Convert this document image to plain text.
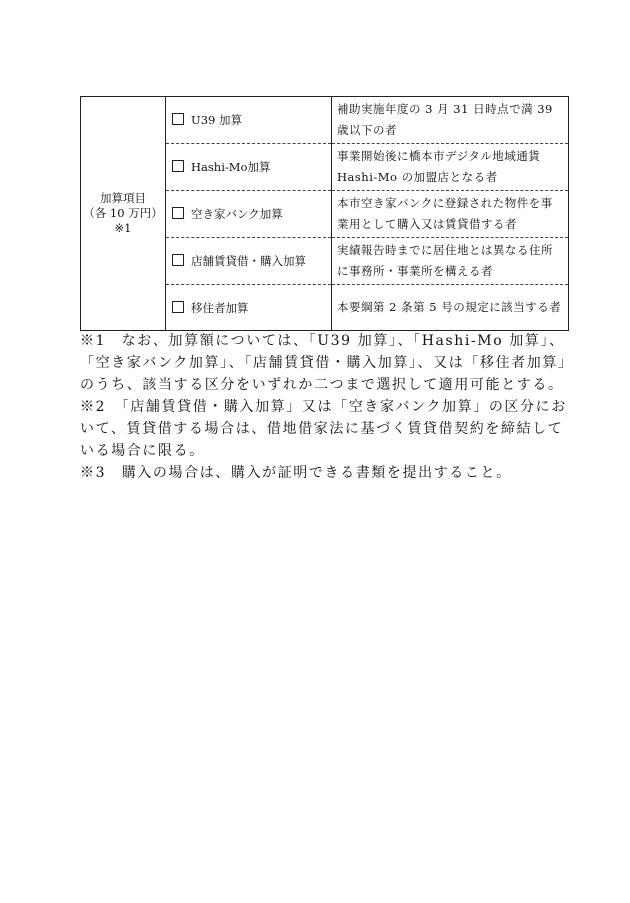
加算項目
（各 10 万円）
※1	U39 加算	補助実施年度の 3 月 31 日時点で満 39 歳以下の者
	Hashi-Mo加算	事業開始後に橋本市デジタル地域通貨 Hashi-Mo の加盟店となる者
	空き家バンク加算	本市空き家バンクに登録された物件を事業用として購入又は賃貸借する者
	店舗賃貸借・購入加算	実績報告時までに居住地とは異なる住所に事務所・事業所を構える者
	移住者加算	本要綱第 2 条第 5 号の規定に該当する者

※1　なお、加算額については、「U39 加算」、「Hashi-Mo 加算」、「空き家バンク加算」、「店舗賃貸借・購入加算」、又は「移住者加算」のうち、該当する区分をいずれか二つまで選択して適用可能とする。

※2　「店舗賃貸借・購入加算」又は「空き家バンク加算」の区分において、賃貸借する場合は、借地借家法に基づく賃貸借契約を締結している場合に限る。

※3　購入の場合は、購入が証明できる書類を提出すること。
